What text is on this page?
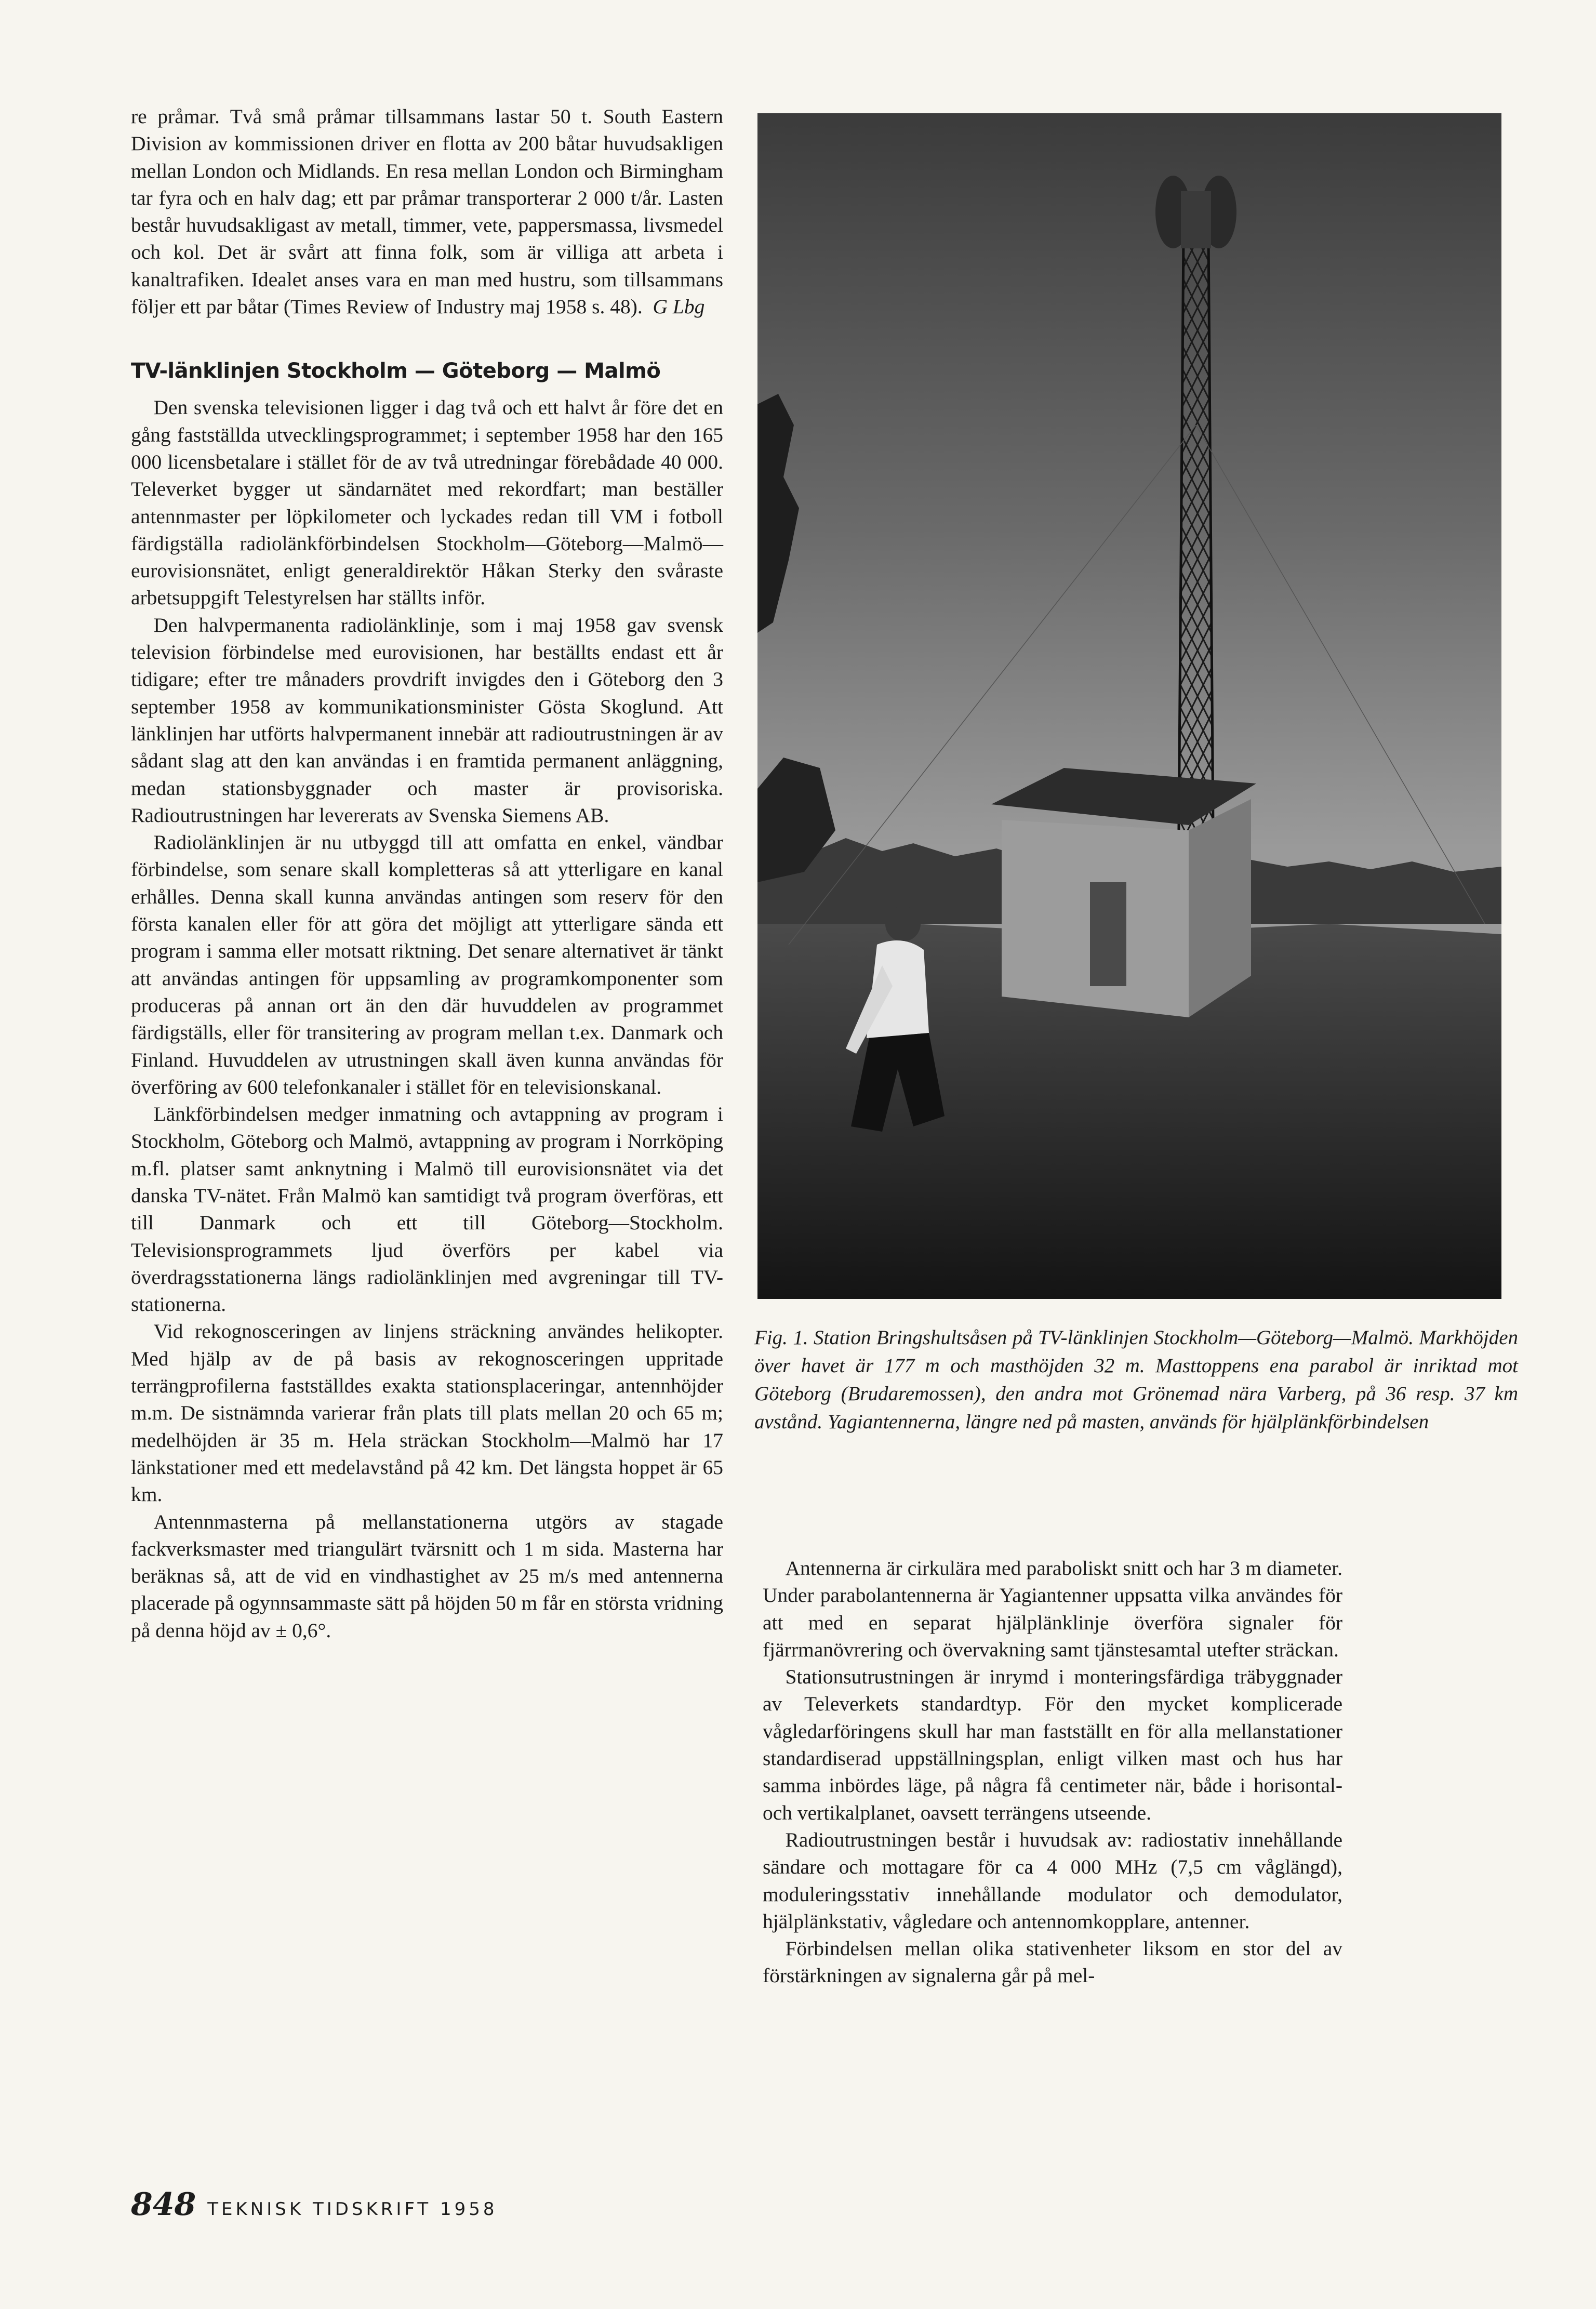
re pråmar. Två små pråmar tillsammans lastar 50 t. South Eastern Division av kommissionen driver en flotta av 200 båtar huvudsakligen mellan London och Midlands. En resa mellan London och Birmingham tar fyra och en halv dag; ett par pråmar transporterar 2 000 t/år. Lasten består huvudsakligast av metall, timmer, vete, pappersmassa, livsmedel och kol. Det är svårt att finna folk, som är villiga att arbeta i kanaltrafiken. Idealet anses vara en man med hustru, som tillsammans följer ett par båtar (Times Review of Industry maj 1958 s. 48). G Lbg

TV-länklinjen Stockholm — Göteborg — Malmö

Den svenska televisionen ligger i dag två och ett halvt år före det en gång fastställda utvecklingsprogrammet; i september 1958 har den 165 000 licensbetalare i stället för de av två utredningar förebådade 40 000. Televerket bygger ut sändarnätet med rekordfart; man beställer antennmaster per löpkilometer och lyckades redan till VM i fotboll färdigställa radiolänkförbindelsen Stockholm—Göteborg—Malmö—eurovisionsnätet, enligt generaldirektör Håkan Sterky den svåraste arbetsuppgift Telestyrelsen har ställts inför.

Den halvpermanenta radiolänklinje, som i maj 1958 gav svensk television förbindelse med eurovisionen, har beställts endast ett år tidigare; efter tre månaders provdrift invigdes den i Göteborg den 3 september 1958 av kommunikationsminister Gösta Skoglund. Att länklinjen har utförts halvpermanent innebär att radioutrustningen är av sådant slag att den kan användas i en framtida permanent anläggning, medan stationsbyggnader och master är provisoriska. Radioutrustningen har levererats av Svenska Siemens AB.

Radiolänklinjen är nu utbyggd till att omfatta en enkel, vändbar förbindelse, som senare skall kompletteras så att ytterligare en kanal erhålles. Denna skall kunna användas antingen som reserv för den första kanalen eller för att göra det möjligt att ytterligare sända ett program i samma eller motsatt riktning. Det senare alternativet är tänkt att användas antingen för uppsamling av programkomponenter som produceras på annan ort än den där huvuddelen av programmet färdigställs, eller för transitering av program mellan t.ex. Danmark och Finland. Huvuddelen av utrustningen skall även kunna användas för överföring av 600 telefonkanaler i stället för en televisionskanal.

Länkförbindelsen medger inmatning och avtappning av program i Stockholm, Göteborg och Malmö, avtappning av program i Norrköping m.fl. platser samt anknytning i Malmö till eurovisionsnätet via det danska TV-nätet. Från Malmö kan samtidigt två program överföras, ett till Danmark och ett till Göteborg—Stockholm. Televisionsprogrammets ljud överförs per kabel via överdragsstationerna längs radiolänklinjen med avgreningar till TV-stationerna.

Vid rekognosceringen av linjens sträckning användes helikopter. Med hjälp av de på basis av rekognosceringen uppritade terrängprofilerna fastställdes exakta stationsplaceringar, antennhöjder m.m. De sistnämnda varierar från plats till plats mellan 20 och 65 m; medelhöjden är 35 m. Hela sträckan Stockholm—Malmö har 17 länkstationer med ett medelavstånd på 42 km. Det längsta hoppet är 65 km.

Antennmasterna på mellanstationerna utgörs av stagade fackverksmaster med triangulärt tvärsnitt och 1 m sida. Masterna har beräknas så, att de vid en vindhastighet av 25 m/s med antennerna placerade på ogynnsammaste sätt på höjden 50 m får en största vridning på denna höjd av ± 0,6°.

Fig. 1. Station Bringshultsåsen på TV-länklinjen Stockholm—Göteborg—Malmö. Markhöjden över havet är 177 m och masthöjden 32 m. Masttoppens ena parabol är inriktad mot Göteborg (Brudaremossen), den andra mot Grönemad nära Varberg, på 36 resp. 37 km avstånd. Yagiantennerna, längre ned på masten, används för hjälplänkförbindelsen

Antennerna är cirkulära med paraboliskt snitt och har 3 m diameter. Under parabolantennerna är Yagiantenner uppsatta vilka användes för att med en separat hjälplänklinje överföra signaler för fjärrmanövrering och övervakning samt tjänstesamtal utefter sträckan.

Stationsutrustningen är inrymd i monteringsfärdiga träbyggnader av Televerkets standardtyp. För den mycket komplicerade vågledarföringens skull har man fastställt en för alla mellanstationer standardiserad uppställningsplan, enligt vilken mast och hus har samma inbördes läge, på några få centimeter när, både i horisontal- och vertikalplanet, oavsett terrängens utseende.

Radioutrustningen består i huvudsak av: radiostativ innehållande sändare och mottagare för ca 4 000 MHz (7,5 cm våglängd), moduleringsstativ innehållande modulator och demodulator, hjälplänkstativ, vågledare och antennomkopplare, antenner.

Förbindelsen mellan olika stativenheter liksom en stor del av förstärkningen av signalerna går på mel-

848 TEKNISK TIDSKRIFT 1958
